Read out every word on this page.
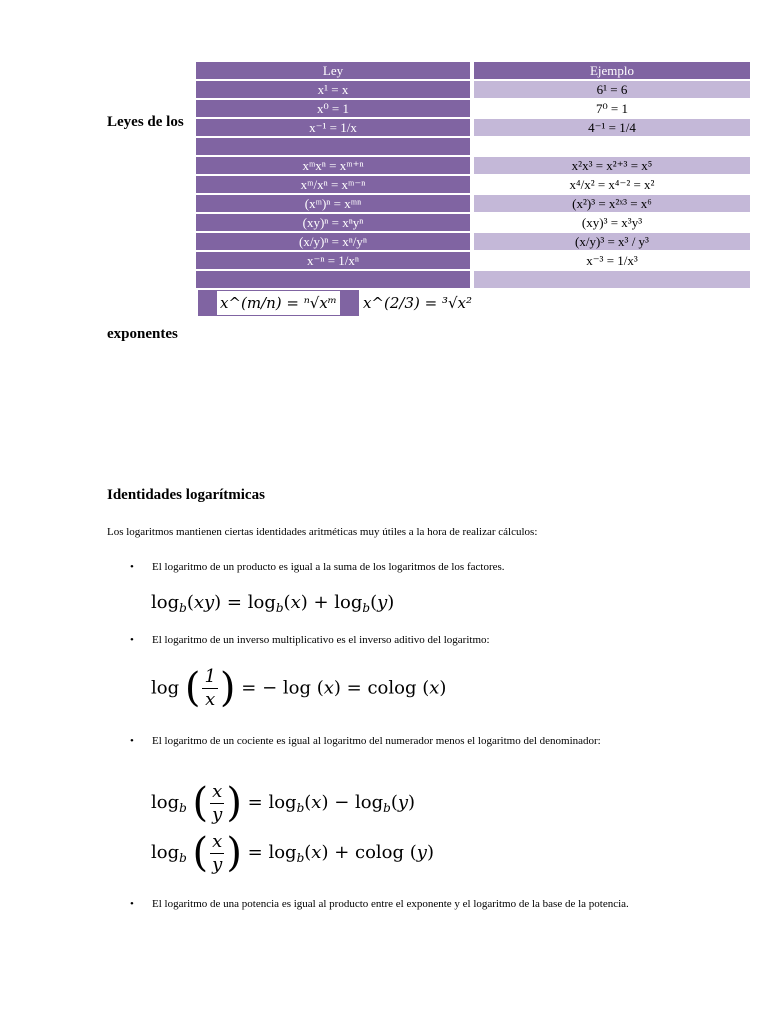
Leyes de los
exponentes
Ley	Ejemplo
x¹ = x	6¹ = 6
x⁰ = 1	7⁰ = 1
x⁻¹ = 1/x	4⁻¹ = 1/4

xᵐxⁿ = xᵐ⁺ⁿ	x²x³ = x²⁺³ = x⁵
xᵐ/xⁿ = xᵐ⁻ⁿ	x⁴/x² = x⁴⁻² = x²
(xᵐ)ⁿ = xᵐⁿ	(x²)³ = x²ˣ³ = x⁶
(xy)ⁿ = xⁿyⁿ	(xy)³ = x³y³
(x/y)ⁿ = xⁿ/yⁿ	(x/y)³ = x³ / y³
x⁻ⁿ = 1/xⁿ	x⁻³ = 1/x³

x^(m/n) = ⁿ√xᵐ	x^(2/3) = ³√x²
Identidades logarítmicas

Los logaritmos mantienen ciertas identidades aritméticas muy útiles a la hora de realizar cálculos:

• El logaritmo de un producto es igual a la suma de los logaritmos de los factores.
$\log_b(xy) = \log_b(x) + \log_b(y)$
• El logaritmo de un inverso multiplicativo es el inverso aditivo del logaritmo:
log ( $\frac{1}{x}$ ) = − log (x) = colog (x)
• El logaritmo de un cociente es igual al logaritmo del numerador menos el logaritmo del denominador:
$\log_b$ ( $\frac{x}{y}$ ) = $\log_b(x) - \log_b(y)$
$\log_b$ ( $\frac{x}{y}$ ) = $\log_b(x) + colog$ (y)
• El logaritmo de una potencia es igual al producto entre el exponente y el logaritmo de la base de la potencia.
